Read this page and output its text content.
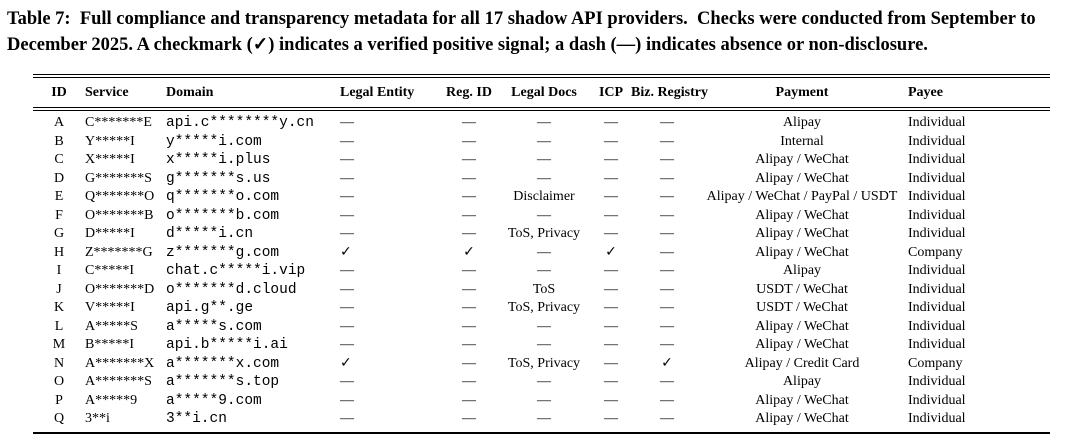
Table 7:  Full compliance and transparency metadata for all 17 shadow API providers.  Checks were conducted from September to
December 2025. A checkmark (✓) indicates a verified positive signal; a dash (—) indicates absence or non-disclosure.
ID	Service	Domain	Legal Entity	Reg. ID	Legal Docs	ICP	Biz. Registry	Payment	Payee
A	C*******E	api.c********y.cn	—	—	—	—	—	Alipay	Individual
B	Y*****I	y*****i.com	—	—	—	—	—	Internal	Individual
C	X*****I	x*****i.plus	—	—	—	—	—	Alipay / WeChat	Individual
D	G*******S	g*******s.us	—	—	—	—	—	Alipay / WeChat	Individual
E	Q*******O	q*******o.com	—	—	Disclaimer	—	—	Alipay / WeChat / PayPal / USDT	Individual
F	O*******B	o*******b.com	—	—	—	—	—	Alipay / WeChat	Individual
G	D*****I	d*****i.cn	—	—	ToS, Privacy	—	—	Alipay / WeChat	Individual
H	Z*******G	z*******g.com	✓	✓	—	✓	—	Alipay / WeChat	Company
I	C*****I	chat.c*****i.vip	—	—	—	—	—	Alipay	Individual
J	O*******D	o*******d.cloud	—	—	ToS	—	—	USDT / WeChat	Individual
K	V*****I	api.g**.ge	—	—	ToS, Privacy	—	—	USDT / WeChat	Individual
L	A*****S	a*****s.com	—	—	—	—	—	Alipay / WeChat	Individual
M	B*****I	api.b*****i.ai	—	—	—	—	—	Alipay / WeChat	Individual
N	A*******X	a*******x.com	✓	—	ToS, Privacy	—	✓	Alipay / Credit Card	Company
O	A*******S	a*******s.top	—	—	—	—	—	Alipay	Individual
P	A*****9	a*****9.com	—	—	—	—	—	Alipay / WeChat	Individual
Q	3**i	3**i.cn	—	—	—	—	—	Alipay / WeChat	Individual
